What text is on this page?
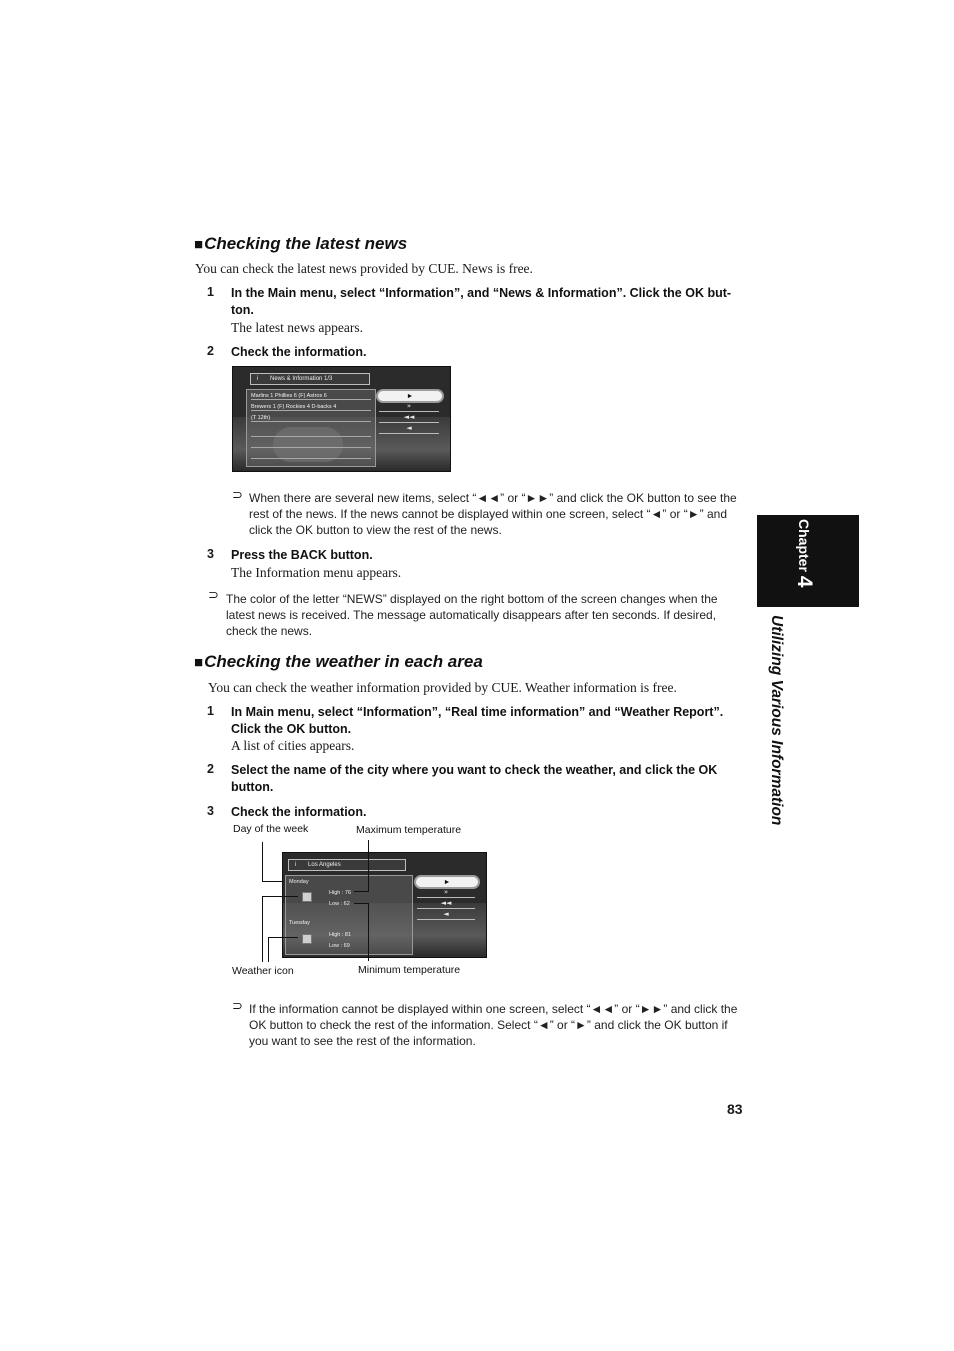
■Checking the latest news
You can check the latest news provided by CUE. News is free.
1 In the Main menu, select “Information”, and “News & Information”. Click the OK but-
ton.
The latest news appears.
2 Check the information.
i News & Information 1/3
Marlins 1 Phillies 6 (F) Astros 6
Brewers 1 (F) Rockies 4 D-backs 4
(T 12th)
►
»
◄◄
◄
⊃ When there are several new items, select “◄◄” or “►►” and click the OK button to see the rest of the news. If the news cannot be displayed within one screen, select “◄” or “►” and click the OK button to view the rest of the news.
3 Press the BACK button.
The Information menu appears.
⊃ The color of the letter “NEWS” displayed on the right bottom of the screen changes when the latest news is received. The message automatically disappears after ten seconds. If desired, check the news.
■Checking the weather in each area
You can check the weather information provided by CUE. Weather information is free.
1 In Main menu, select “Information”, “Real time information” and “Weather Report”.
Click the OK button.
A list of cities appears.
2 Select the name of the city where you want to check the weather, and click the OK
button.
3 Check the information.
Day of the week	Maximum temperature
Weather icon	Minimum temperature
i Los Angeles
Monday
High : 76
Low : 62
Tuesday
High : 81
Low : 69
►
»
◄◄
◄
⊃ If the information cannot be displayed within one screen, select “◄◄” or “►►” and click the OK button to check the rest of the information. Select “◄” or “►” and click the OK button if you want to see the rest of the information.
Chapter 4
Utilizing Various Information
83
